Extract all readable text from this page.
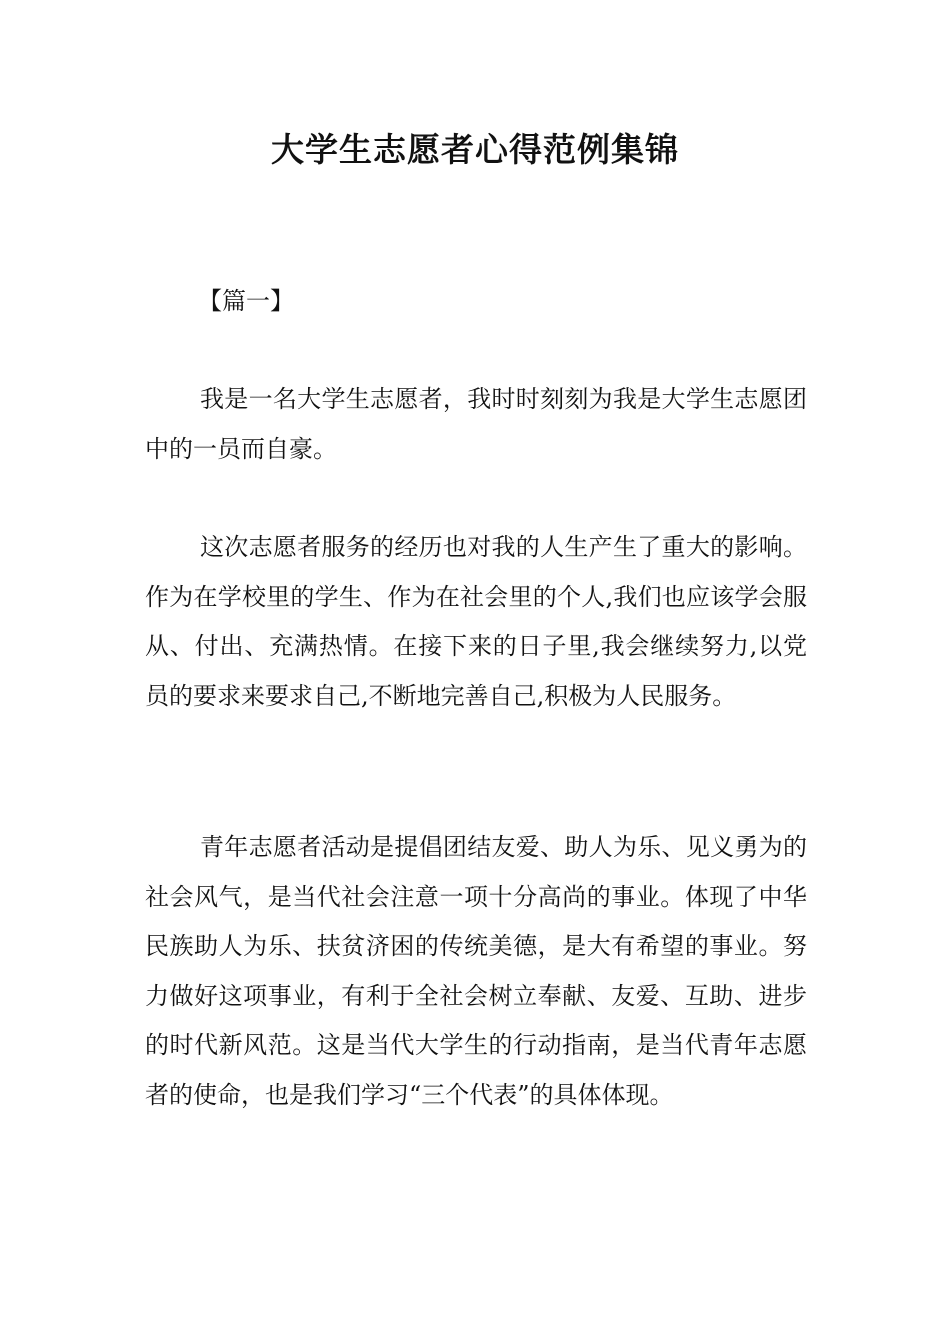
大学生志愿者心得范例集锦

【篇一】

我是一名大学生志愿者，我时时刻刻为我是大学生志愿团中的一员而自豪。

这次志愿者服务的经历也对我的人生产生了重大的影响。作为在学校里的学生、作为在社会里的个人,我们也应该学会服从、付出、充满热情。在接下来的日子里,我会继续努力,以党员的要求来要求自己,不断地完善自己,积极为人民服务。

青年志愿者活动是提倡团结友爱、助人为乐、见义勇为的社会风气，是当代社会注意一项十分高尚的事业。体现了中华民族助人为乐、扶贫济困的传统美德，是大有希望的事业。努力做好这项事业，有利于全社会树立奉献、友爱、互助、进步的时代新风范。这是当代大学生的行动指南，是当代青年志愿者的使命，也是我们学习“三个代表”的具体体现。
